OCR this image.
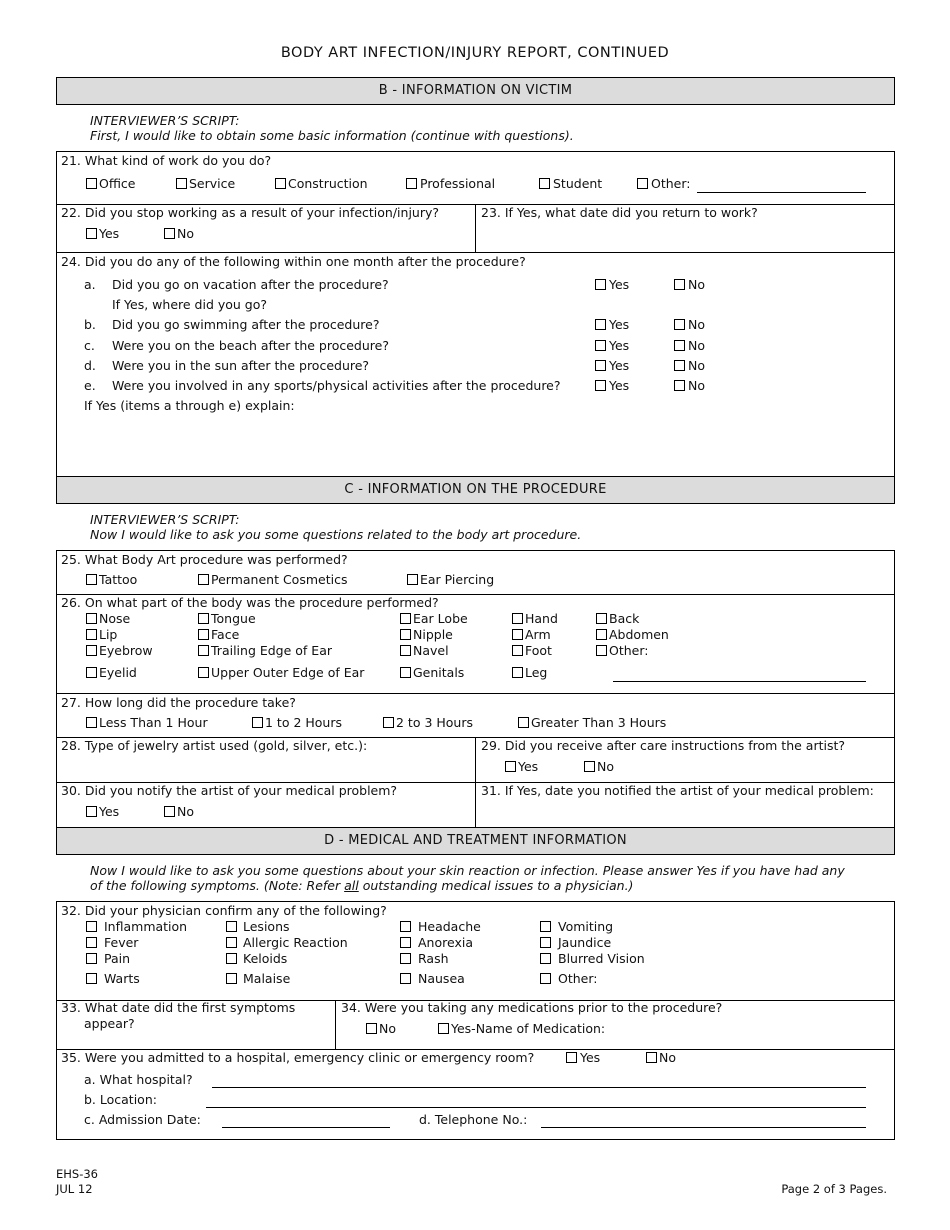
BODY ART INFECTION/INJURY REPORT, CONTINUED
B - INFORMATION ON VICTIM
INTERVIEWER’S SCRIPT:
First, I would like to obtain some basic information (continue with questions).
21. What kind of work do you do?
Office	Service	Construction	Professional	Student	Other:
22. Did you stop working as a result of your infection/injury?
Yes	No
23. If Yes, what date did you return to work?
24. Did you do any of the following within one month after the procedure?
a. Did you go on vacation after the procedure?	Yes	No
If Yes, where did you go?
b. Did you go swimming after the procedure?	Yes	No
c. Were you on the beach after the procedure?	Yes	No
d. Were you in the sun after the procedure?	Yes	No
e. Were you involved in any sports/physical activities after the procedure?	Yes	No
If Yes (items a through e) explain:
C - INFORMATION ON THE PROCEDURE
INTERVIEWER’S SCRIPT:
Now I would like to ask you some questions related to the body art procedure.
25. What Body Art procedure was performed?
Tattoo	Permanent Cosmetics	Ear Piercing
26. On what part of the body was the procedure performed?
Nose	Tongue	Ear Lobe	Hand	Back
Lip	Face	Nipple	Arm	Abdomen
Eyebrow	Trailing Edge of Ear	Navel	Foot	Other:
Eyelid	Upper Outer Edge of Ear	Genitals	Leg
27. How long did the procedure take?
Less Than 1 Hour	1 to 2 Hours	2 to 3 Hours	Greater Than 3 Hours
28. Type of jewelry artist used (gold, silver, etc.):	29. Did you receive after care instructions from the artist?
Yes	No
30. Did you notify the artist of your medical problem?
Yes	No
31. If Yes, date you notified the artist of your medical problem:
D - MEDICAL AND TREATMENT INFORMATION
Now I would like to ask you some questions about your skin reaction or infection. Please answer Yes if you have had any
of the following symptoms. (Note: Refer all outstanding medical issues to a physician.)
32. Did your physician confirm any of the following?
Inflammation	Lesions	Headache	Vomiting
Fever	Allergic Reaction	Anorexia	Jaundice
Pain	Keloids	Rash	Blurred Vision
Warts	Malaise	Nausea	Other:
33. What date did the first symptoms
appear?
34. Were you taking any medications prior to the procedure?
No	Yes-Name of Medication:
35. Were you admitted to a hospital, emergency clinic or emergency room?	Yes	No
a. What hospital?
b. Location:
c. Admission Date:	d. Telephone No.:
EHS-36
JUL 12	Page 2 of 3 Pages.
